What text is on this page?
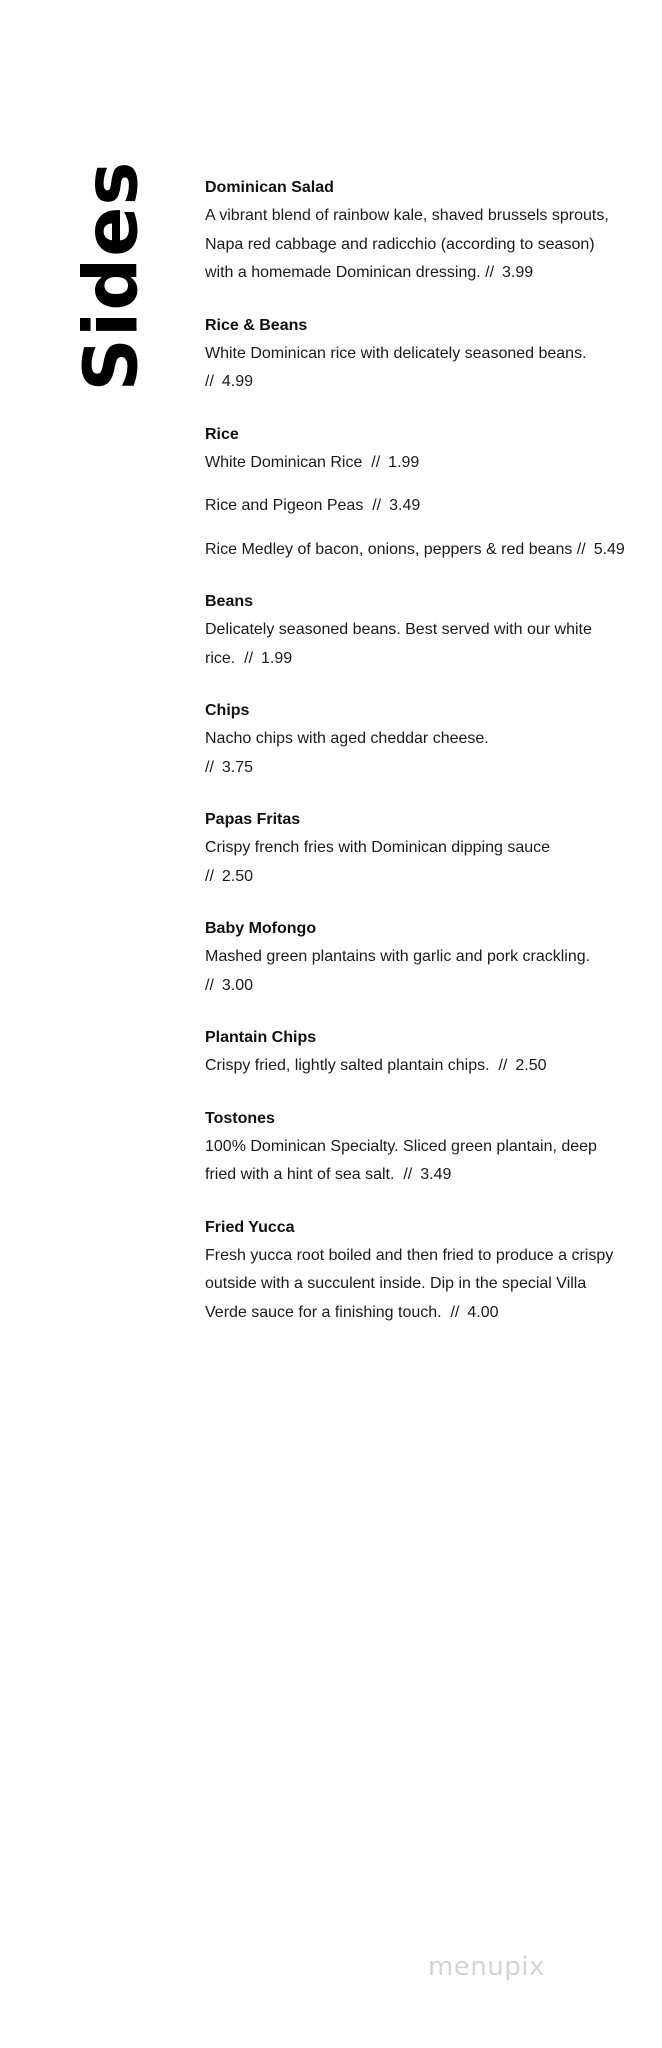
Sides	Dominican Salad
A vibrant blend of rainbow kale, shaved brussels sprouts, Napa red cabbage and radicchio (according to season) with a homemade Dominican dressing. // 3.99
Rice & Beans
White Dominican rice with delicately seasoned beans. // 4.99
Rice
White Dominican Rice // 1.99
Rice and Pigeon Peas // 3.49
Rice Medley of bacon, onions, peppers & red beans // 5.49
Beans
Delicately seasoned beans. Best served with our white rice. // 1.99
Chips
Nacho chips with aged cheddar cheese.
// 3.75
Papas Fritas
Crispy french fries with Dominican dipping sauce
// 2.50
Baby Mofongo
Mashed green plantains with garlic and pork crackling.  // 3.00
Plantain Chips
Crispy fried, lightly salted plantain chips. // 2.50
Tostones
100% Dominican Specialty. Sliced green plantain, deep fried with a hint of sea salt. // 3.49
Fried Yucca
Fresh yucca root boiled and then fried to produce a crispy outside with a succulent inside. Dip in the special Villa Verde sauce for a finishing touch. // 4.00
menupix
